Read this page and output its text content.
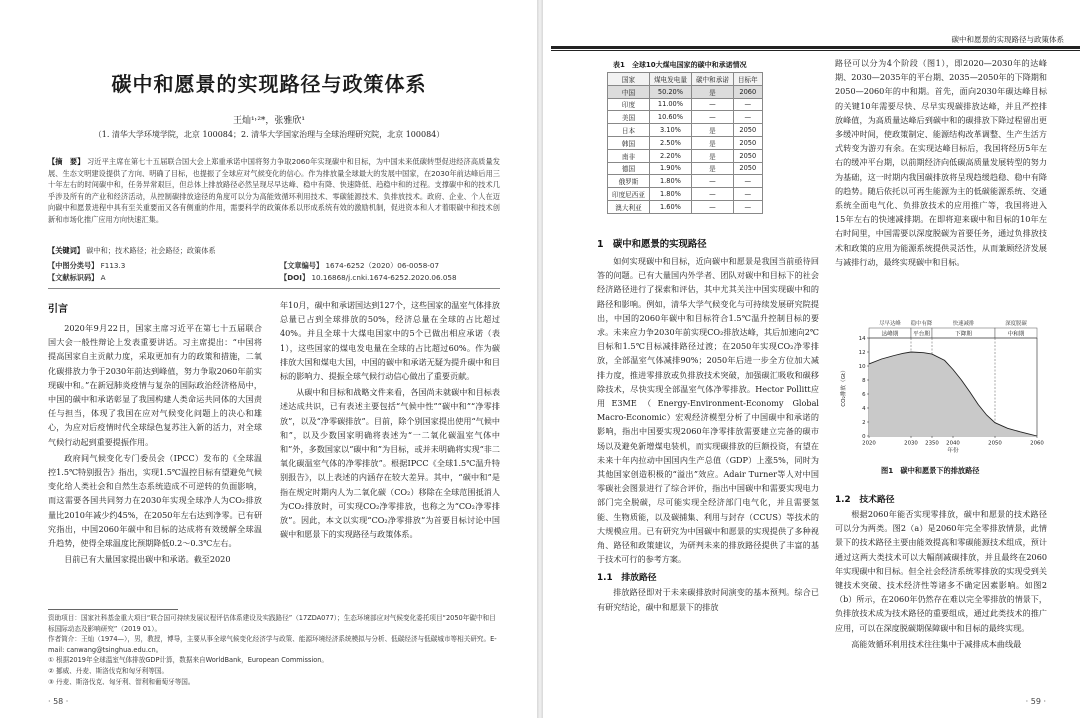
碳中和愿景的实现路径与政策体系
王灿¹˒²*，张雅欣¹
（1. 清华大学环境学院，北京 100084；2. 清华大学国家治理与全球治理研究院，北京 100084）
【摘　要】 习近平主席在第七十五届联合国大会上郑重承诺中国将努力争取2060年实现碳中和目标，为中国未来低碳转型促进经济高质量发展、生态文明建设提供了方向、明确了目标，也提振了全球应对气候变化的信心。作为排放量全球最大的发展中国家，在2030年前达峰后用三十年左右的时间碳中和，任务异常艰巨，但总体上排放路径必然呈现尽早达峰、稳中有降、快速降低、趋稳中和的过程。支撑碳中和的技术几乎涉及所有的产业和经济活动，从控制碳排放途径的角度可以分为高能效循环利用技术、零碳能源技术、负排放技术。政府、企业、个人在迈向碳中和愿景进程中具有至关重要而又各有侧重的作用，需要科学的政策体系以形成系统有效的激励机制，促进资本和人才着眼碳中和技术创新和市场化推广应用方向快速汇集。
【关键词】 碳中和；技术路径；社会路径；政策体系
【中图分类号】 F113.3
【文献标识码】 A
【文章编号】 1674-6252（2020）06-0058-07
【DOI】 10.16868/j.cnki.1674-6252.2020.06.058
引言

2020年9月22日，国家主席习近平在第七十五届联合国大会一般性辩论上发表重要讲话。习主席提出：“中国将提高国家自主贡献力度，采取更加有力的政策和措施，二氧化碳排放力争于2030年前达到峰值，努力争取2060年前实现碳中和。”在新冠肺炎疫情与复杂的国际政治经济格局中，中国的碳中和承诺彰显了我国构建人类命运共同体的大国责任与担当，体现了我国在应对气候变化问题上的决心和雄心，为应对后疫情时代全球绿色复苏注入新的活力，对全球气候行动起到重要提振作用。

政府间气候变化专门委员会（IPCC）发布的《全球温控1.5℃特别报告》指出，实现1.5℃温控目标有望避免气候变化给人类社会和自然生态系统造成不可逆转的负面影响，而这需要各国共同努力在2030年实现全球净人为CO₂排放量比2010年减少约45%，在2050年左右达到净零。已有研究指出，中国2060年碳中和目标的达成将有效缓解全球温升趋势，使得全球温度比预期降低0.2～0.3℃左右。

目前已有大量国家提出碳中和承诺。截至2020

年10月，碳中和承诺国达到127个，这些国家的温室气体排放总量已占到全球排放的50%，经济总量在全球的占比超过40%。并且全球十大煤电国家中的5个已做出相应承诺（表1），这些国家的煤电发电量在全球的占比超过60%。作为碳排放大国和煤电大国，中国的碳中和承诺无疑为提升碳中和目标的影响力、提振全球气候行动信心做出了重要贡献。

从碳中和目标和战略文件来看，各国尚未就碳中和目标表述达成共识，已有表述主要包括“气候中性”“碳中和”“净零排放”，以及“净零碳排放”。目前，除个别国家提出使用“气候中和”，以及少数国家明确将表述为“一二氧化碳温室气体中和”外，多数国家以“碳中和”为目标，或并未明确将实现“非二氧化碳温室气体的净零排放”。根据IPCC《全球1.5℃温升特别报告》，以上表述的内涵存在较大差异。其中，“碳中和”是指在规定时期内人为二氧化碳（CO₂）移除在全球范围抵消人为CO₂排放时，可实现CO₂净零排放，也称之为“CO₂净零排放”。因此，本文以实现“CO₂净零排放”为首要目标讨论中国碳中和愿景下的实现路径与政策体系。

资助项目：国家社科基金重大项目“联合国可持续发展议程评估体系建设及实践路径”（17ZDA077）；生态环境部应对气候变化委托项目“2050年碳中和目标国际动态及影响研究”（2019 01）。
作者简介：王灿（1974—），男，教授，博导，主要从事全球气候变化经济学与政策、能源环境经济系统模拟与分析、低碳经济与低碳城市等相关研究。E-mail: canwang@tsinghua.edu.cn。
① 根据2019年全球温室气体排放GDP计算，数据来自WorldBank，European Commission。
② 挪威、丹麦、斯洛伐克和匈牙利等国。
③ 丹麦、斯洛伐克、匈牙利、智利和葡萄牙等国。
· 58 ·
碳中和愿景的实现路径与政策体系
表1　全球10大煤电国家的碳中和承诺情况
国家	煤电发电量	碳中和承诺	目标年
中国	50.20%	是	2060
印度	11.00%	—	—
美国	10.60%	—	—
日本	3.10%	是	2050
韩国	2.50%	是	2050
南非	2.20%	是	2050
德国	1.90%	是	2050
俄罗斯	1.80%	—	—
印度尼西亚	1.80%	—	—
澳大利亚	1.60%	—	—
1　碳中和愿景的实现路径

如何实现碳中和目标，近向碳中和愿景是我国当前亟待回答的问题。已有大量国内外学者、团队对碳中和目标下的社会经济路径进行了探索和评估，其中尤其关注中国实现碳中和的路径和影响。例如，清华大学气候变化与可持续发展研究院提出，中国的2060年碳中和目标符合1.5℃温升控制目标的要求。未来应力争2030年前实现CO₂排放达峰，其后加速向2℃目标和1.5℃目标减排路径过渡；在2050年实现CO₂净零排放，全部温室气体减排90%；2050年后进一步全方位加大减排力度，推进零排放或负排放技术突破，加强碳汇吸收和碳移除技术，尽快实现全部温室气体净零排放。Hector Pollitt应用E3ME（Energy-Environment-Economy Global Macro-Economic）宏观经济模型分析了中国碳中和承诺的影响，指出中国要实现2060年净零排放需要建立完备的碳市场以及避免新增煤电装机，而实现碳排放的巨额投资，有望在未来十年内拉动中国国内生产总值（GDP）上涨5%，同时为其他国家创造积极的“溢出”效应。Adair Turner等人对中国零碳社会图景进行了综合评价，指出中国碳中和需要实现电力部门完全脱碳，尽可能实现全经济部门电气化，并且需要氢能、生物质能，以及碳捕集、利用与封存（CCUS）等技术的大规模应用。已有研究为中国碳中和愿景的实现提供了多种视角、路径和政策建议，为研判未来的排放路径提供了丰富的基于技术可行的参考方案。

1.1　排放路径

排放路径即对于未来碳排放时间演变的基本预判。综合已有研究结论，碳中和愿景下的排放

路径可以分为4个阶段（图1），即2020—2030年的达峰期、2030—2035年的平台期、2035—2050年的下降期和2050—2060年的中和期。首先，面向2030年碳达峰目标的关键10年需要尽快、尽早实现碳排放达峰，并且严控排放峰值，为高质量达峰后到碳中和的碳排放下降过程留出更多缓冲时间，使政策制定、能源结构改革调整、生产生活方式转变为游刃有余。在实现达峰目标后，我国将经历5年左右的缓冲平台期，以前期经济向低碳高质量发展转型的努力为基础，这一时期内我国碳排放将呈现趋缓趋稳、稳中有降的趋势。随后依托以可再生能源为主的低碳能源系统、交通系统全面电气化、负排放技术的应用推广等，我国将进入15年左右的快速减排期。在即将迎来碳中和目标的10年左右时间里，中国需要以深度脱碳为首要任务，通过负排放技术和政策的应用为能源系统提供灵活性，从而兼顾经济发展与减排行动，最终实现碳中和目标。

达峰期
尽早达峰
平台期
稳中有降
下降期
快速减排
中和期
深度脱碳
0
2
4
6
8
10
12
14
2020	2030 2350 2040	2050	2060
年份
CO₂排放（Gt）
图1　碳中和愿景下的排放路径
1.2　技术路径

根据2060年能否实现零排放，碳中和愿景的技术路径可以分为两类。图2（a）是2060年完全零排放情景，此情景下的技术路径主要由能效提高和零碳能源技术组成，预计通过这两大类技术可以大幅削减碳排放，并且最终在2060年实现碳中和目标。但全社会经济系统零排放的实现受到关键技术突破、技术经济性等诸多不确定因素影响。如图2（b）所示，在2060年仍然存在难以完全零排放的情景下，负排放技术成为技术路径的重要组成，通过此类技术的推广应用，可以在深度脱碳期保障碳中和目标的最终实现。

高能效循环利用技术往往集中于减排成本曲线最

· 59 ·
